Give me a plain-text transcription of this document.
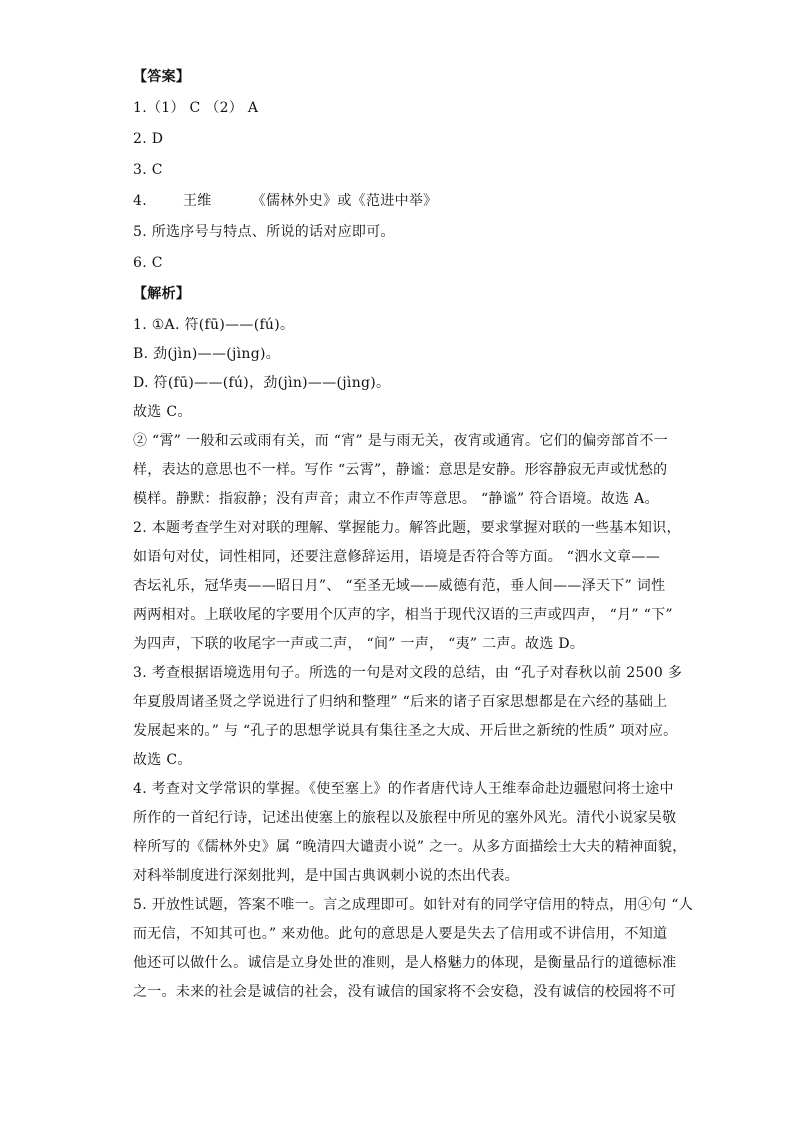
【答案】
1.（1） C （2） A
2. D
3. C
4.	王维	《儒林外史》或《范进中举》
5. 所选序号与特点、所说的话对应即可。
6. C
【解析】
1. ①A. 符(fū)——(fú)。
B. 劲(jìn)——(jìng)。
D. 符(fū)——(fú)，劲(jìn)——(jìng)。
故选 C。
② “霄” 一般和云或雨有关，而 “宵” 是与雨无关，夜宵或通宵。它们的偏旁部首不一
样，表达的意思也不一样。写作 “云霄”，静谧：意思是安静。形容静寂无声或忧愁的
模样。静默：指寂静；没有声音；肃立不作声等意思。 “静谧” 符合语境。故选 A。
2. 本题考查学生对对联的理解、掌握能力。解答此题，要求掌握对联的一些基本知识，
如语句对仗，词性相同，还要注意修辞运用，语境是否符合等方面。 “泗水文章——
杏坛礼乐，冠华夷——昭日月”、 “至圣无域——威德有范，垂人间——泽天下” 词性
两两相对。上联收尾的字要用个仄声的字，相当于现代汉语的三声或四声， “月” “下”
为四声，下联的收尾字一声或二声， “间” 一声， “夷” 二声。故选 D。
3. 考查根据语境选用句子。所选的一句是对文段的总结，由 “孔子对春秋以前 2500 多
年夏殷周诸圣贤之学说进行了归纳和整理” “后来的诸子百家思想都是在六经的基础上
发展起来的。” 与 “孔子的思想学说具有集往圣之大成、开后世之新统的性质” 项对应。
故选 C。
4. 考查对文学常识的掌握。《使至塞上》的作者唐代诗人王维奉命赴边疆慰问将士途中
所作的一首纪行诗，记述出使塞上的旅程以及旅程中所见的塞外风光。清代小说家吴敬
梓所写的《儒林外史》属 “晚清四大谴责小说” 之一。从多方面描绘士大夫的精神面貌，
对科举制度进行深刻批判，是中国古典讽刺小说的杰出代表。
5. 开放性试题，答案不唯一。言之成理即可。如针对有的同学守信用的特点，用④句 “人
而无信，不知其可也。” 来劝他。此句的意思是人要是失去了信用或不讲信用，不知道
他还可以做什么。诚信是立身处世的准则，是人格魅力的体现，是衡量品行的道德标准
之一。未来的社会是诚信的社会，没有诚信的国家将不会安稳，没有诚信的校园将不可
